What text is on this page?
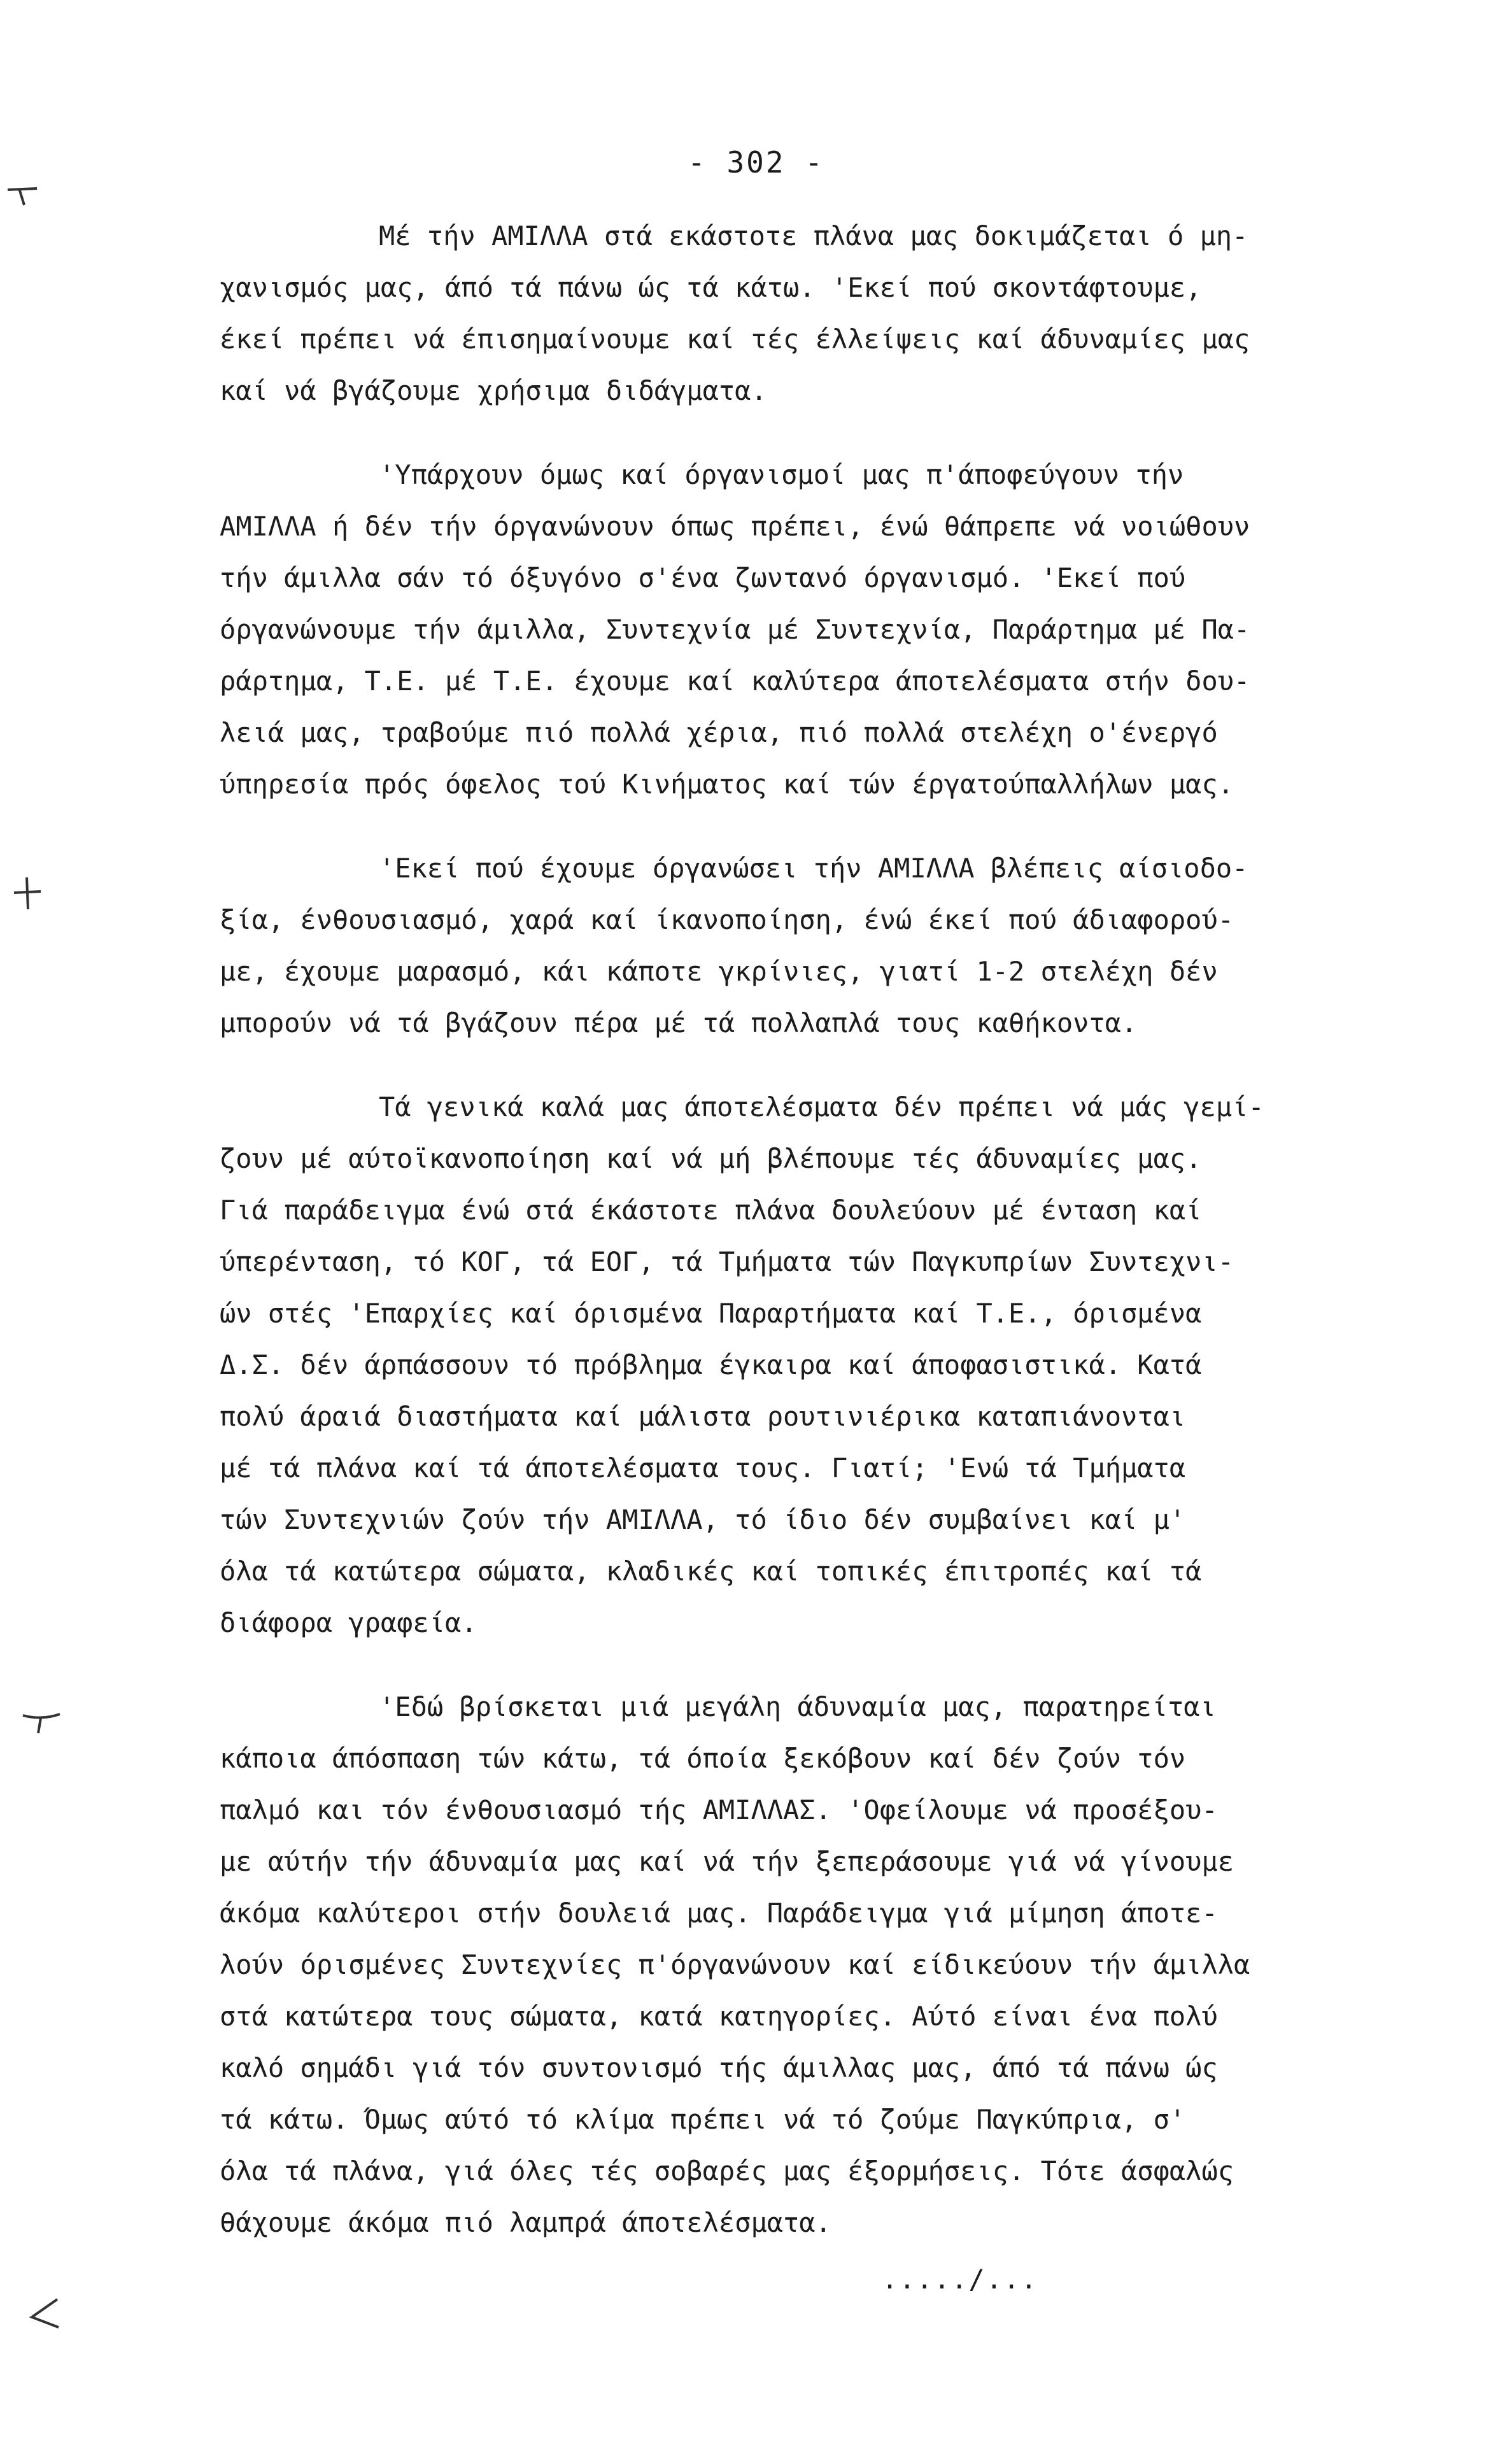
- 302 -
Μέ τήν ΑΜΙΛΛΑ στά εκάστοτε πλάνα μας δοκιμάζεται ό μη-
χανισμός μας, άπό τά πάνω ώς τά κάτω. 'Εκεί πού σκοντάφτουμε,
έκεί πρέπει νά έπισημαίνουμε καί τές έλλείψεις καί άδυναμίες μας
καί νά βγάζουμε χρήσιμα διδάγματα.
'Υπάρχουν όμως καί όργανισμοί μας π'άποφεύγουν τήν
ΑΜΙΛΛΑ ή δέν τήν όργανώνουν όπως πρέπει, ένώ θάπρεπε νά νοιώθουν
τήν άμιλλα σάν τό όξυγόνο σ'ένα ζωντανό όργανισμό. 'Εκεί πού
όργανώνουμε τήν άμιλλα, Συντεχνία μέ Συντεχνία, Παράρτημα μέ Πα-
ράρτημα, Τ.Ε. μέ Τ.Ε. έχουμε καί καλύτερα άποτελέσματα στήν δου-
λειά μας, τραβούμε πιό πολλά χέρια, πιό πολλά στελέχη ο'ένεργό
ύπηρεσία πρός όφελος τού Κινήματος καί τών έργατούπαλλήλων μας.
'Εκεί πού έχουμε όργανώσει τήν ΑΜΙΛΛΑ βλέπεις αίσιοδο-
ξία, ένθουσιασμό, χαρά καί ίκανοποίηση, ένώ έκεί πού άδιαφορού-
με, έχουμε μαρασμό, κάι κάποτε γκρίνιες, γιατί 1-2 στελέχη δέν
μπορούν νά τά βγάζουν πέρα μέ τά πολλαπλά τους καθήκοντα.
Τά γενικά καλά μας άποτελέσματα δέν πρέπει νά μάς γεμί-
ζουν μέ αύτοϊκανοποίηση καί νά μή βλέπουμε τές άδυναμίες μας.
Γιά παράδειγμα ένώ στά έκάστοτε πλάνα δουλεύουν μέ ένταση καί
ύπερένταση, τό ΚΟΓ, τά ΕΟΓ, τά Τμήματα τών Παγκυπρίων Συντεχνι-
ών στές 'Επαρχίες καί όρισμένα Παραρτήματα καί Τ.Ε., όρισμένα
Δ.Σ. δέν άρπάσσουν τό πρόβλημα έγκαιρα καί άποφασιστικά. Κατά
πολύ άραιά διαστήματα καί μάλιστα ρουτινιέρικα καταπιάνονται
μέ τά πλάνα καί τά άποτελέσματα τους. Γιατί; 'Ενώ τά Τμήματα
τών Συντεχνιών ζούν τήν ΑΜΙΛΛΑ, τό ίδιο δέν συμβαίνει καί μ'
όλα τά κατώτερα σώματα, κλαδικές καί τοπικές έπιτροπές καί τά
διάφορα γραφεία.
'Εδώ βρίσκεται μιά μεγάλη άδυναμία μας, παρατηρείται
κάποια άπόσπαση τών κάτω, τά όποία ξεκόβουν καί δέν ζούν τόν
παλμό και τόν ένθουσιασμό τής ΑΜΙΛΛΑΣ. 'Οφείλουμε νά προσέξου-
με αύτήν τήν άδυναμία μας καί νά τήν ξεπεράσουμε γιά νά γίνουμε
άκόμα καλύτεροι στήν δουλειά μας. Παράδειγμα γιά μίμηση άποτε-
λούν όρισμένες Συντεχνίες π'όργανώνουν καί είδικεύουν τήν άμιλλα
στά κατώτερα τους σώματα, κατά κατηγορίες. Αύτό είναι ένα πολύ
καλό σημάδι γιά τόν συντονισμό τής άμιλλας μας, άπό τά πάνω ώς
τά κάτω. Όμως αύτό τό κλίμα πρέπει νά τό ζούμε Παγκύπρια, σ'
όλα τά πλάνα, γιά όλες τές σοβαρές μας έξορμήσεις. Τότε άσφαλώς
θάχουμε άκόμα πιό λαμπρά άποτελέσματα.
...../...
